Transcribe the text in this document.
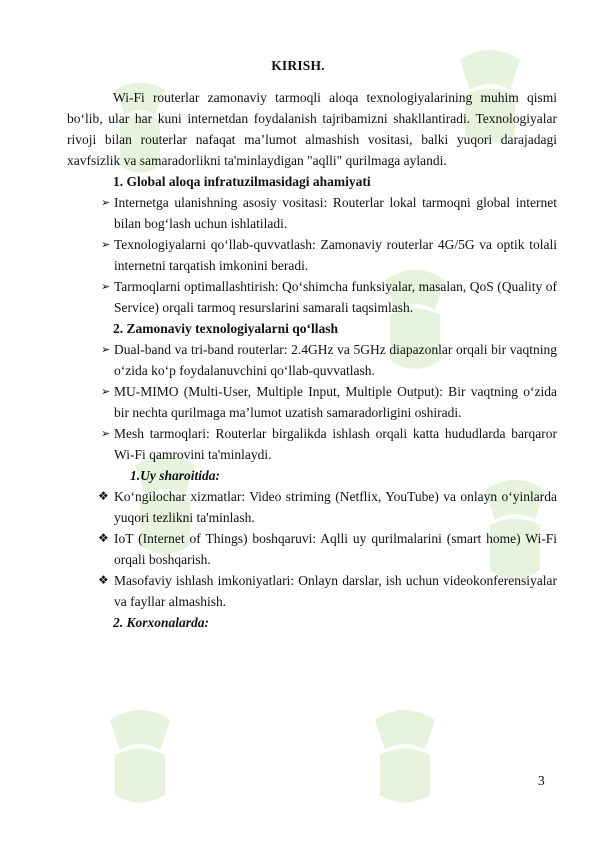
KIRISH.

Wi-Fi routerlar zamonaviy tarmoqli aloqa texnologiyalarining muhim qismi bo‘lib, ular har kuni internetdan foydalanish tajribamizni shakllantiradi. Texnologiyalar rivoji bilan routerlar nafaqat ma’lumot almashish vositasi, balki yuqori darajadagi xavfsizlik va samaradorlikni ta'minlaydigan "aqlli" qurilmaga aylandi.

1. Global aloqa infratuzilmasidagi ahamiyati

➢ Internetga ulanishning asosiy vositasi: Routerlar lokal tarmoqni global internet bilan bog‘lash uchun ishlatiladi.
➢ Texnologiyalarni qo‘llab-quvvatlash: Zamonaviy routerlar 4G/5G va optik tolali internetni tarqatish imkonini beradi.
➢ Tarmoqlarni optimallashtirish: Qo‘shimcha funksiyalar, masalan, QoS (Quality of Service) orqali tarmoq resurslarini samarali taqsimlash.

2. Zamonaviy texnologiyalarni qo‘llash

➢ Dual-band va tri-band routerlar: 2.4GHz va 5GHz diapazonlar orqali bir vaqtning o‘zida ko‘p foydalanuvchini qo‘llab-quvvatlash.
➢ MU-MIMO (Multi-User, Multiple Input, Multiple Output): Bir vaqtning o‘zida bir nechta qurilmaga ma’lumot uzatish samaradorligini oshiradi.
➢ Mesh tarmoqlari: Routerlar birgalikda ishlash orqali katta hududlarda barqaror Wi-Fi qamrovini ta'minlaydi.

1.Uy sharoitida:

❖ Ko‘ngilochar xizmatlar: Video striming (Netflix, YouTube) va onlayn o‘yinlarda yuqori tezlikni ta'minlash.
❖ IoT (Internet of Things) boshqaruvi: Aqlli uy qurilmalarini (smart home) Wi-Fi orqali boshqarish.
❖ Masofaviy ishlash imkoniyatlari: Onlayn darslar, ish uchun videokonferensiyalar va fayllar almashish.

2. Korxonalarda:

3
